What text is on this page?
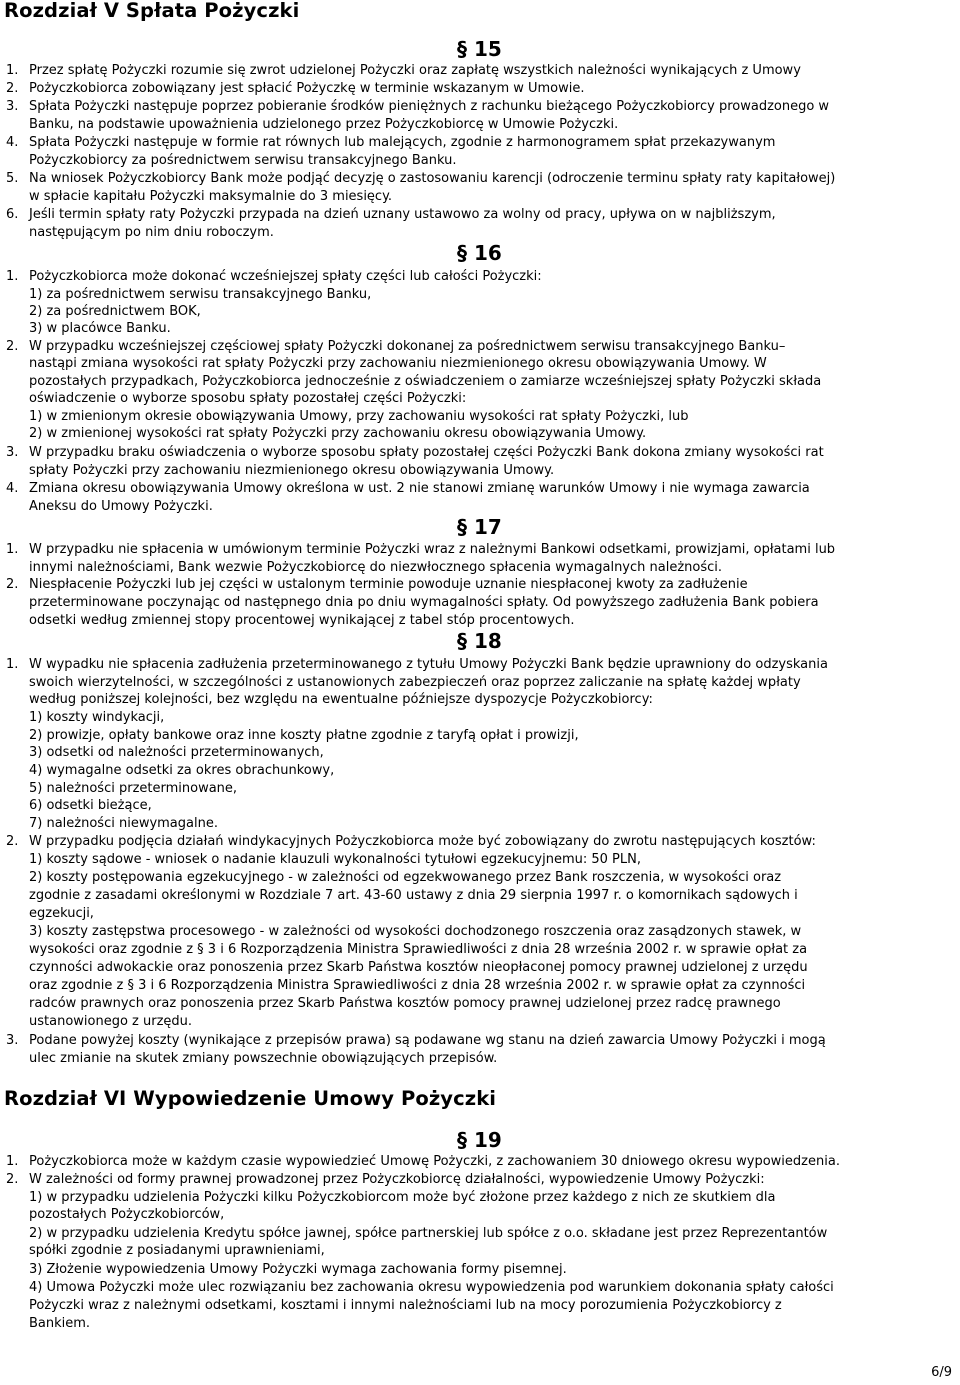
Rozdział V Spłata Pożyczki
§ 15
§ 16
§ 17
§ 18
Rozdział VI Wypowiedzenie Umowy Pożyczki
§ 19
1. Przez spłatę Pożyczki rozumie się zwrot udzielonej Pożyczki oraz zapłatę wszystkich należności wynikających z Umowy
2. Pożyczkobiorca zobowiązany jest spłacić Pożyczkę w terminie wskazanym w Umowie.
3. Spłata Pożyczki następuje poprzez pobieranie środków pieniężnych z rachunku bieżącego Pożyczkobiorcy prowadzonego w
Banku, na podstawie upoważnienia udzielonego przez Pożyczkobiorcę w Umowie Pożyczki.
4. Spłata Pożyczki następuje w formie rat równych lub malejących, zgodnie z harmonogramem spłat przekazywanym
Pożyczkobiorcy za pośrednictwem serwisu transakcyjnego Banku.
5. Na wniosek Pożyczkobiorcy Bank może podjąć decyzję o zastosowaniu karencji (odroczenie terminu spłaty raty kapitałowej)
w spłacie kapitału Pożyczki maksymalnie do 3 miesięcy.
6. Jeśli termin spłaty raty Pożyczki przypada na dzień uznany ustawowo za wolny od pracy, upływa on w najbliższym,
następującym po nim dniu roboczym.
1. Pożyczkobiorca może dokonać wcześniejszej spłaty części lub całości Pożyczki:
1) za pośrednictwem serwisu transakcyjnego Banku,
2) za pośrednictwem BOK,
3) w placówce Banku.
2. W przypadku wcześniejszej częściowej spłaty Pożyczki dokonanej za pośrednictwem serwisu transakcyjnego Banku–
nastąpi zmiana wysokości rat spłaty Pożyczki przy zachowaniu niezmienionego okresu obowiązywania Umowy. W
pozostałych przypadkach, Pożyczkobiorca jednocześnie z oświadczeniem o zamiarze wcześniejszej spłaty Pożyczki składa
oświadczenie o wyborze sposobu spłaty pozostałej części Pożyczki:
1) w zmienionym okresie obowiązywania Umowy, przy zachowaniu wysokości rat spłaty Pożyczki, lub
2) w zmienionej wysokości rat spłaty Pożyczki przy zachowaniu okresu obowiązywania Umowy.
3. W przypadku braku oświadczenia o wyborze sposobu spłaty pozostałej części Pożyczki Bank dokona zmiany wysokości rat
spłaty Pożyczki przy zachowaniu niezmienionego okresu obowiązywania Umowy.
4. Zmiana okresu obowiązywania Umowy określona w ust. 2 nie stanowi zmianę warunków Umowy i nie wymaga zawarcia
Aneksu do Umowy Pożyczki.
1. W przypadku nie spłacenia w umówionym terminie Pożyczki wraz z należnymi Bankowi odsetkami, prowizjami, opłatami lub
innymi należnościami, Bank wezwie Pożyczkobiorcę do niezwłocznego spłacenia wymagalnych należności.
2. Niespłacenie Pożyczki lub jej części w ustalonym terminie powoduje uznanie niespłaconej kwoty za zadłużenie
przeterminowane poczynając od następnego dnia po dniu wymagalności spłaty. Od powyższego zadłużenia Bank pobiera
odsetki według zmiennej stopy procentowej wynikającej z tabel stóp procentowych.
1. W wypadku nie spłacenia zadłużenia przeterminowanego z tytułu Umowy Pożyczki Bank będzie uprawniony do odzyskania
swoich wierzytelności, w szczególności z ustanowionych zabezpieczeń oraz poprzez zaliczanie na spłatę każdej wpłaty
według poniższej kolejności, bez względu na ewentualne późniejsze dyspozycje Pożyczkobiorcy:
1) koszty windykacji,
2) prowizje, opłaty bankowe oraz inne koszty płatne zgodnie z taryfą opłat i prowizji,
3) odsetki od należności przeterminowanych,
4) wymagalne odsetki za okres obrachunkowy,
5) należności przeterminowane,
6) odsetki bieżące,
7) należności niewymagalne.
2. W przypadku podjęcia działań windykacyjnych Pożyczkobiorca może być zobowiązany do zwrotu następujących kosztów:
1) koszty sądowe - wniosek o nadanie klauzuli wykonalności tytułowi egzekucyjnemu: 50 PLN,
2) koszty postępowania egzekucyjnego - w zależności od egzekwowanego przez Bank roszczenia, w wysokości oraz
zgodnie z zasadami określonymi w Rozdziale 7 art. 43-60 ustawy z dnia 29 sierpnia 1997 r. o komornikach sądowych i
egzekucji,
3) koszty zastępstwa procesowego - w zależności od wysokości dochodzonego roszczenia oraz zasądzonych stawek, w
wysokości oraz zgodnie z § 3 i 6 Rozporządzenia Ministra Sprawiedliwości z dnia 28 września 2002 r. w sprawie opłat za
czynności adwokackie oraz ponoszenia przez Skarb Państwa kosztów nieopłaconej pomocy prawnej udzielonej z urzędu
oraz zgodnie z § 3 i 6 Rozporządzenia Ministra Sprawiedliwości z dnia 28 września 2002 r. w sprawie opłat za czynności
radców prawnych oraz ponoszenia przez Skarb Państwa kosztów pomocy prawnej udzielonej przez radcę prawnego
ustanowionego z urzędu.
3. Podane powyżej koszty (wynikające z przepisów prawa) są podawane wg stanu na dzień zawarcia Umowy Pożyczki i mogą
ulec zmianie na skutek zmiany powszechnie obowiązujących przepisów.
1. Pożyczkobiorca może w każdym czasie wypowiedzieć Umowę Pożyczki, z zachowaniem 30 dniowego okresu wypowiedzenia.
2. W zależności od formy prawnej prowadzonej przez Pożyczkobiorcę działalności, wypowiedzenie Umowy Pożyczki:
1) w przypadku udzielenia Pożyczki kilku Pożyczkobiorcom może być złożone przez każdego z nich ze skutkiem dla
pozostałych Pożyczkobiorców,
2) w przypadku udzielenia Kredytu spółce jawnej, spółce partnerskiej lub spółce z o.o. składane jest przez Reprezentantów
spółki zgodnie z posiadanymi uprawnieniami,
3) Złożenie wypowiedzenia Umowy Pożyczki wymaga zachowania formy pisemnej.
4) Umowa Pożyczki może ulec rozwiązaniu bez zachowania okresu wypowiedzenia pod warunkiem dokonania spłaty całości
Pożyczki wraz z należnymi odsetkami, kosztami i innymi należnościami lub na mocy porozumienia Pożyczkobiorcy z
Bankiem.
6/9
